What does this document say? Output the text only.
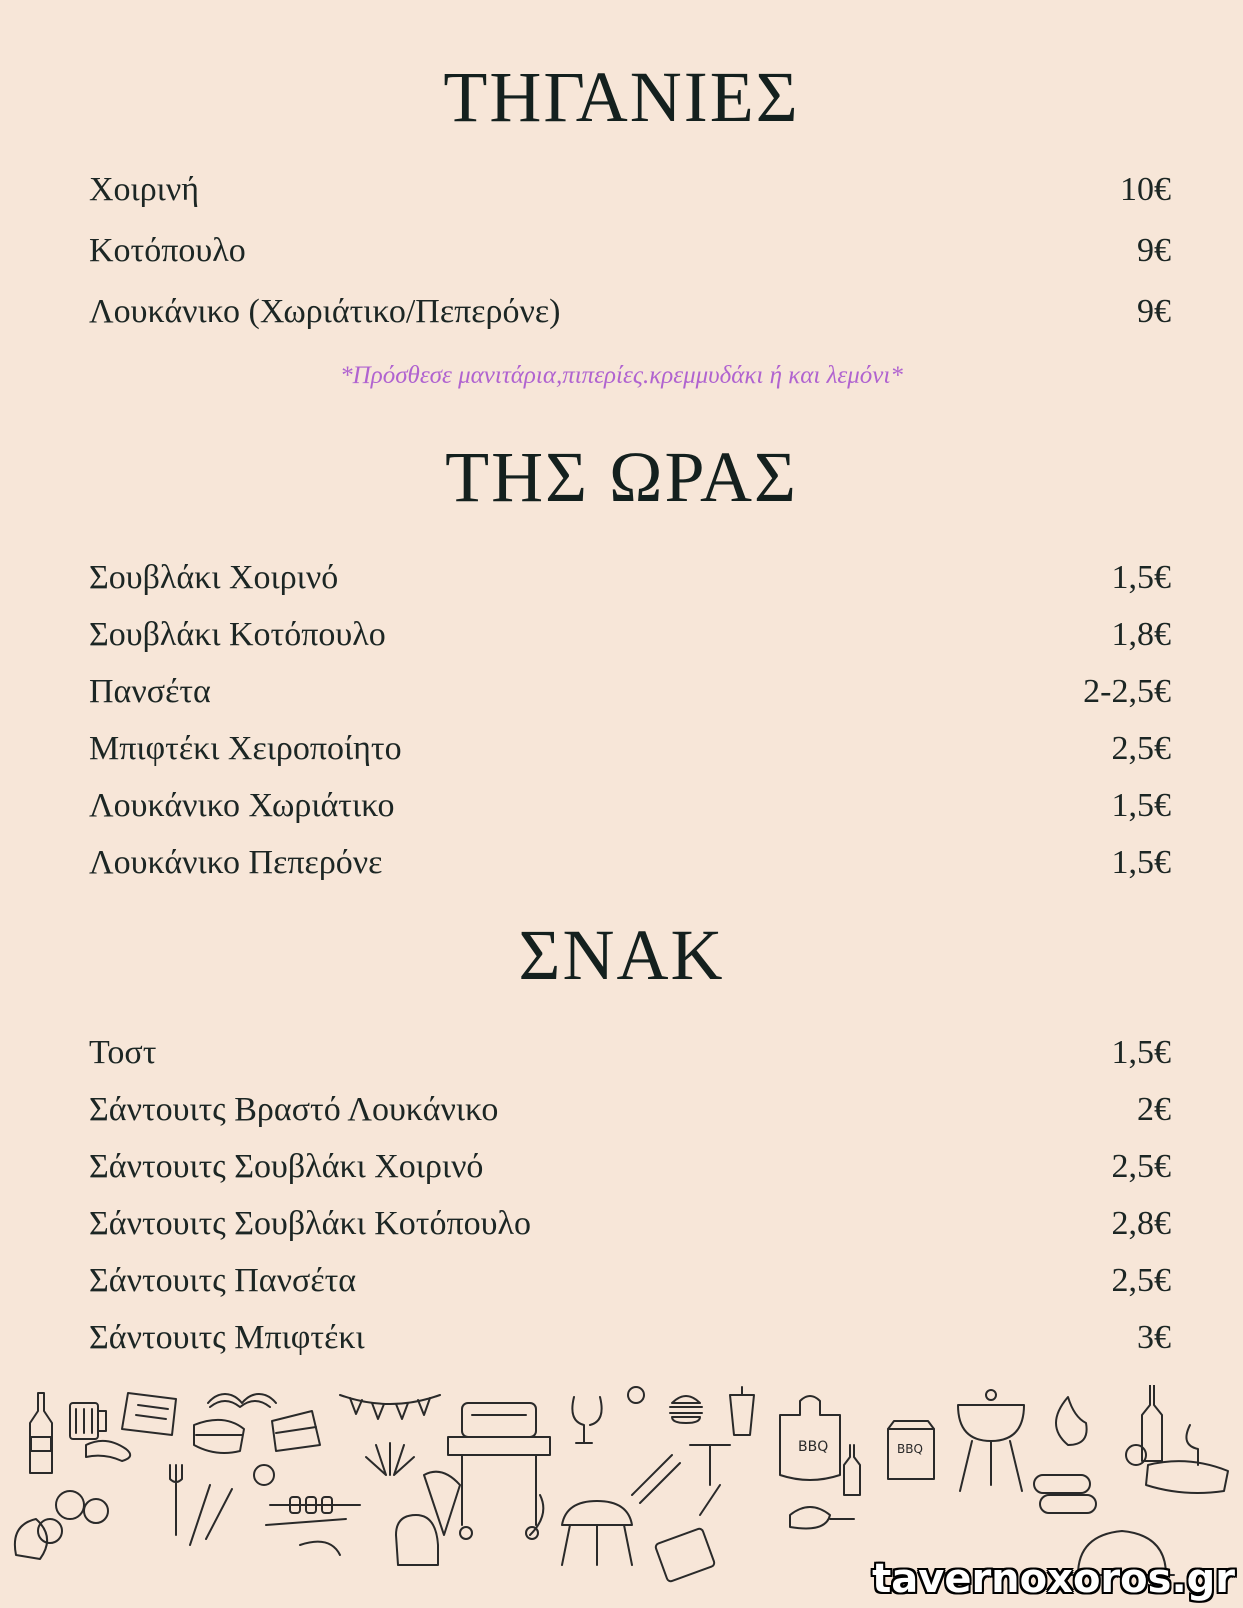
ΤΗΓΑΝΙΕΣ
Χοιρινή	10€
Κοτόπουλο	9€
Λουκάνικο (Χωριάτικο/Πεπερόνε)	9€
*Πρόσθεσε μανιτάρια,πιπερίες.κρεμμυδάκι ή και λεμόνι*
ΤΗΣ ΩΡΑΣ
Σουβλάκι Χοιρινό	1,5€
Σουβλάκι Κοτόπουλο	1,8€
Πανσέτα	2-2,5€
Μπιφτέκι Χειροποίητο	2,5€
Λουκάνικο Χωριάτικο	1,5€
Λουκάνικο Πεπερόνε	1,5€
ΣΝΑΚ
Τοστ	1,5€
Σάντουιτς Βραστό Λουκάνικο	2€
Σάντουιτς Σουβλάκι Χοιρινό	2,5€
Σάντουιτς Σουβλάκι Κοτόπουλο	2,8€
Σάντουιτς Πανσέτα	2,5€
Σάντουιτς Μπιφτέκι	3€
BBQ	BBQ
tavernoxoros.gr
